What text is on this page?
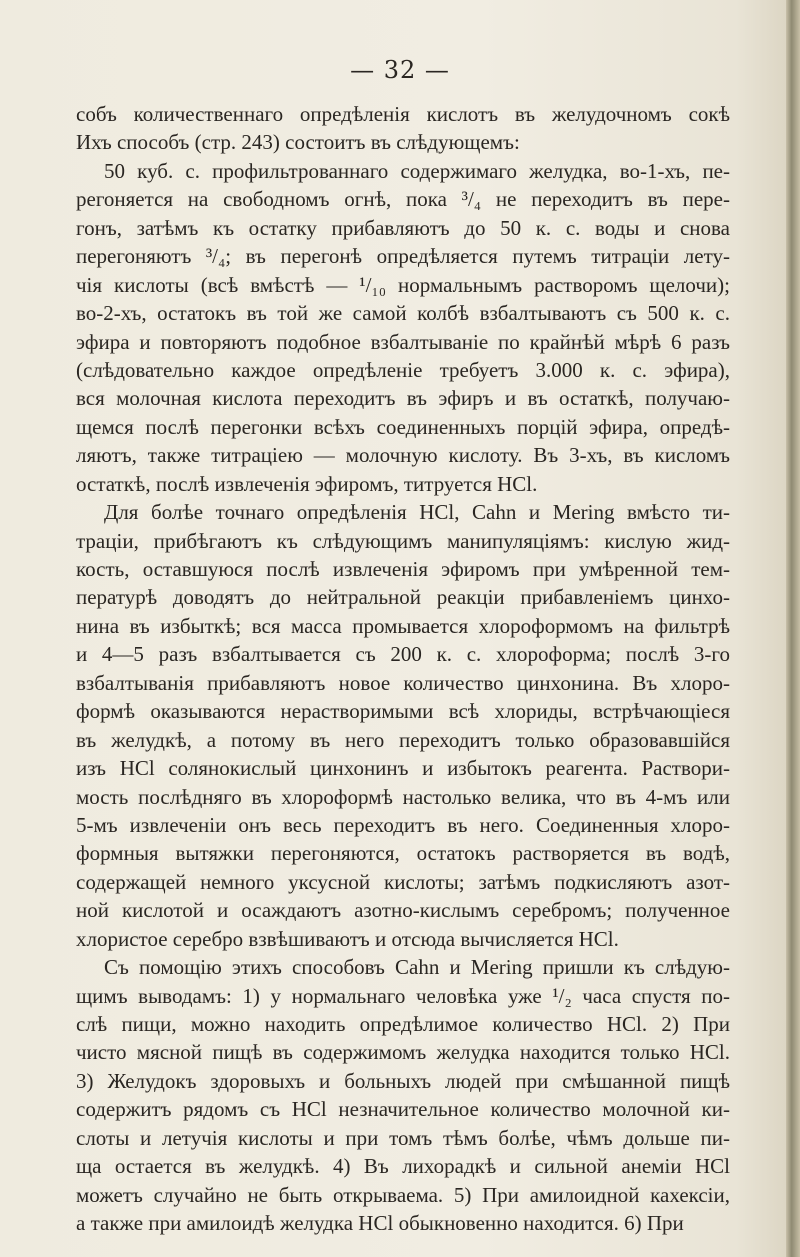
— 32 —
собъ количественнаго опредѣленія кислотъ въ желудочномъ сокѣ
Ихъ способъ (стр. 243) состоитъ въ слѣдующемъ:
50 куб. с. профильтрованнаго содержимаго желудка, во-1-хъ, пе-
регоняется на свободномъ огнѣ, пока ³/₄ не переходитъ въ пере-
гонъ, затѣмъ къ остатку прибавляютъ до 50 к. с. воды и снова
перегоняютъ ³/₄; въ перегонѣ опредѣляется путемъ титраціи лету-
чія кислоты (всѣ вмѣстѣ — ¹/₁₀ нормальнымъ растворомъ щелочи);
во-2-хъ, остатокъ въ той же самой колбѣ взбалтываютъ съ 500 к. с.
эфира и повторяютъ подобное взбалтываніе по крайнѣй мѣрѣ 6 разъ
(слѣдовательно каждое опредѣленіе требуетъ 3.000 к. с. эфира),
вся молочная кислота переходитъ въ эфиръ и въ остаткѣ, получаю-
щемся послѣ перегонки всѣхъ соединенныхъ порцій эфира, опредѣ-
ляютъ, также титраціею — молочную кислоту. Въ 3-хъ, въ кисломъ
остаткѣ, послѣ извлеченія эфиромъ, титруется HCl.
Для болѣе точнаго опредѣленія HCl, Cahn и Mering вмѣсто ти-
траціи, прибѣгаютъ къ слѣдующимъ манипуляціямъ: кислую жид-
кость, оставшуюся послѣ извлеченія эфиромъ при умѣренной тем-
пературѣ доводятъ до нейтральной реакціи прибавленіемъ цинхо-
нина въ избыткѣ; вся масса промывается хлороформомъ на фильтрѣ
и 4—5 разъ взбалтывается съ 200 к. с. хлороформа; послѣ 3-го
взбалтыванія прибавляютъ новое количество цинхонина. Въ хлоро-
формѣ оказываются нерастворимыми всѣ хлориды, встрѣчающіеся
въ желудкѣ, а потому въ него переходитъ только образовавшійся
изъ HCl солянокислый цинхонинъ и избытокъ реагента. Раствори-
мость послѣдняго въ хлороформѣ настолько велика, что въ 4-мъ или
5-мъ извлеченіи онъ весь переходитъ въ него. Соединенныя хлоро-
формныя вытяжки перегоняются, остатокъ растворяется въ водѣ,
содержащей немного уксусной кислоты; затѣмъ подкисляютъ азот-
ной кислотой и осаждаютъ азотно-кислымъ серебромъ; полученное
хлористое серебро взвѣшиваютъ и отсюда вычисляется HCl.
Съ помощію этихъ способовъ Cahn и Mering пришли къ слѣдую-
щимъ выводамъ: 1) у нормальнаго человѣка уже ¹/₂ часа спустя по-
слѣ пищи, можно находить опредѣлимое количество HCl. 2) При
чисто мясной пищѣ въ содержимомъ желудка находится только HCl.
3) Желудокъ здоровыхъ и больныхъ людей при смѣшанной пищѣ
содержитъ рядомъ съ HCl незначительное количество молочной ки-
слоты и летучія кислоты и при томъ тѣмъ болѣе, чѣмъ дольше пи-
ща остается въ желудкѣ. 4) Въ лихорадкѣ и сильной анеміи HCl
можетъ случайно не быть открываема. 5) При амилоидной кахексіи,
а также при амилоидѣ желудка HCl обыкновенно находится. 6) При
